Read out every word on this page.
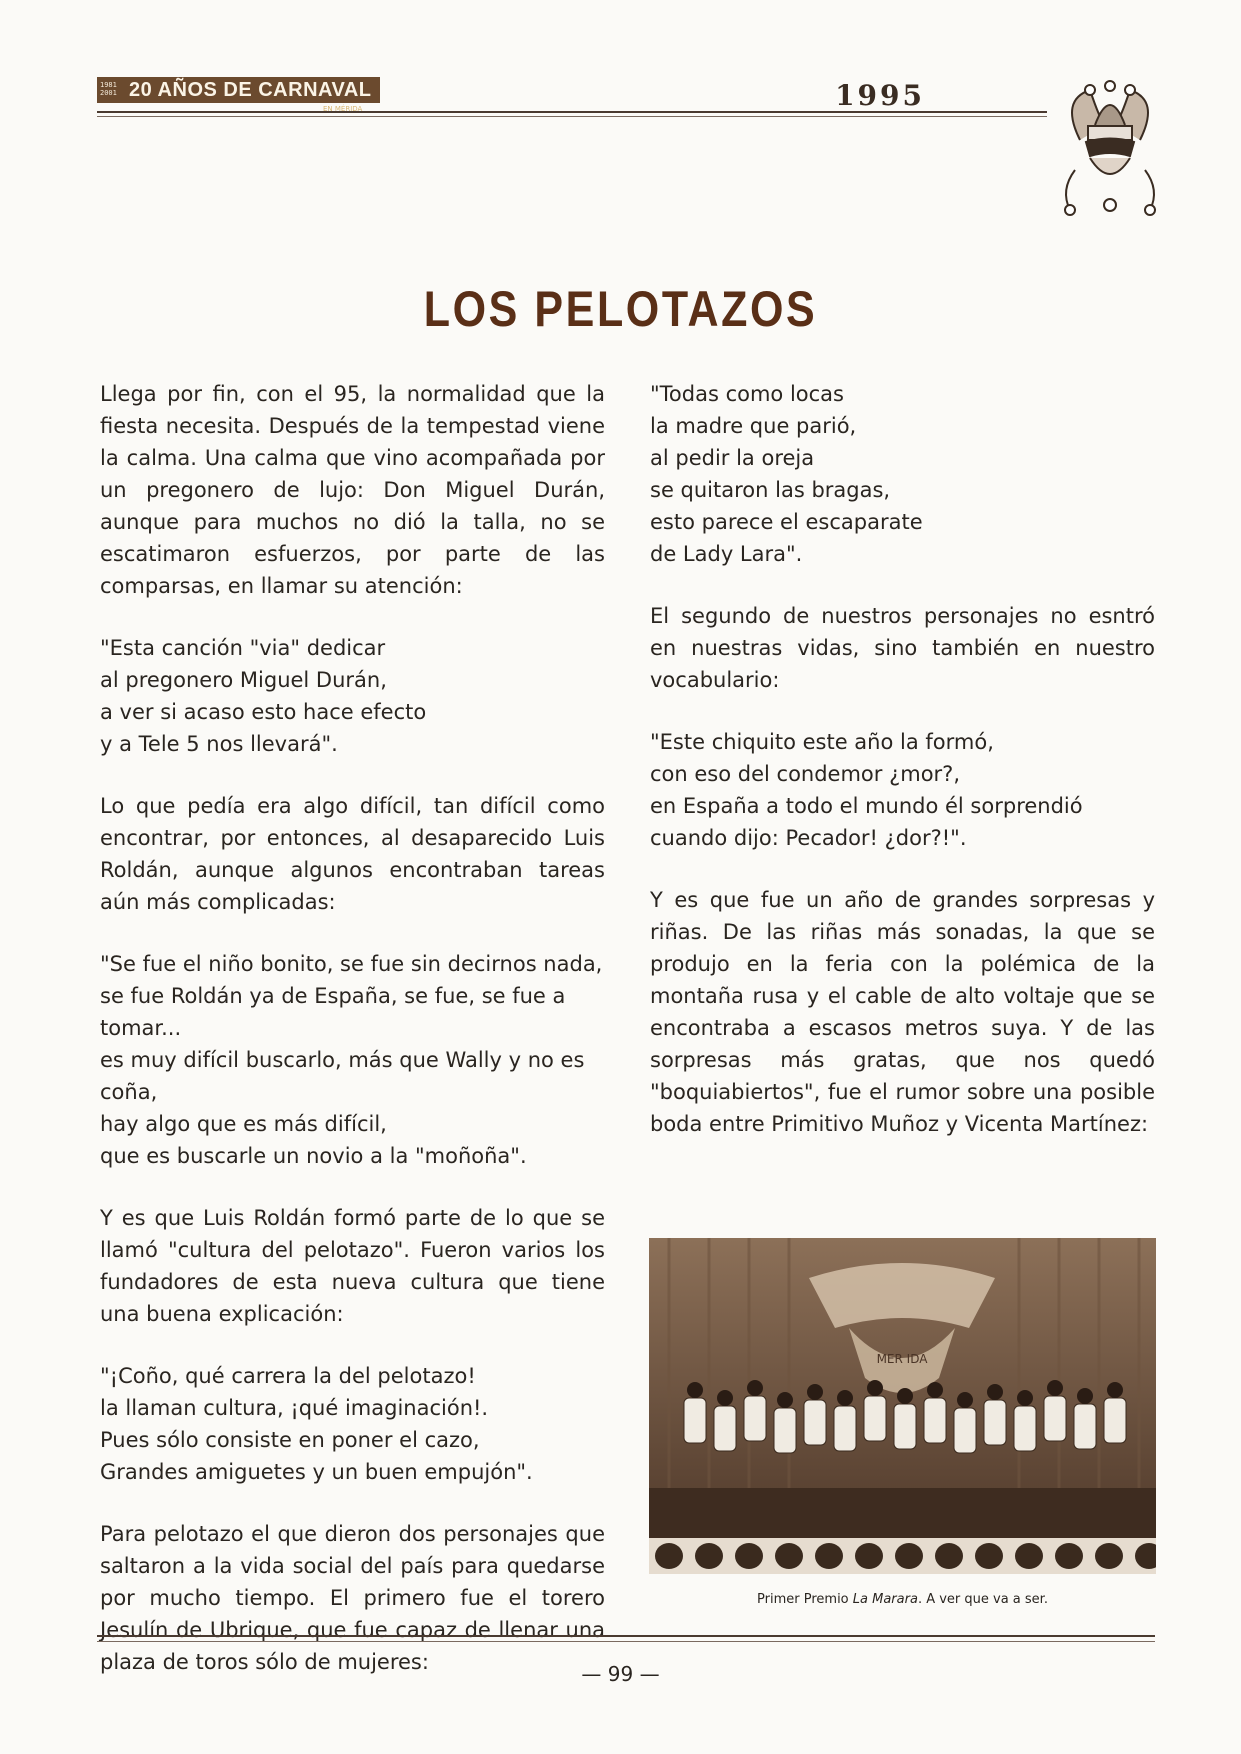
1981
2001 20 AÑOS DE CARNAVAL
EN MÉRIDA	1995
LOS PELOTAZOS

Llega por fin, con el 95, la normalidad que la fiesta necesita. Después de la tempestad viene la calma. Una calma que vino acompañada por un pregonero de lujo: Don Miguel Durán, aunque para muchos no dió la talla, no se escatimaron esfuerzos, por parte de las comparsas, en llamar su atención:

"Esta canción "via" dedicar
al pregonero Miguel Durán,
a ver si acaso esto hace efecto
y a Tele 5 nos llevará".

Lo que pedía era algo difícil, tan difícil como encontrar, por entonces, al desaparecido Luis Roldán, aunque algunos encontraban tareas aún más complicadas:

"Se fue el niño bonito, se fue sin decirnos nada,
se fue Roldán ya de España, se fue, se fue a tomar...
es muy difícil buscarlo, más que Wally y no es coña,
hay algo que es más difícil,
que es buscarle un novio a la "moñoña".

Y es que Luis Roldán formó parte de lo que se llamó "cultura del pelotazo". Fueron varios los fundadores de esta nueva cultura que tiene una buena explicación:

"¡Coño, qué carrera la del pelotazo!
la llaman cultura, ¡qué imaginación!.
Pues sólo consiste en poner el cazo,
Grandes amiguetes y un buen empujón".

Para pelotazo el que dieron dos personajes que saltaron a la vida social del país para quedarse por mucho tiempo. El primero fue el torero Jesulín de Ubrique, que fue capaz de llenar una plaza de toros sólo de mujeres:

"Todas como locas
la madre que parió,
al pedir la oreja
se quitaron las bragas,
esto parece el escaparate
de Lady Lara".

El segundo de nuestros personajes no esntró en nuestras vidas, sino también en nuestro vocabulario:

"Este chiquito este año la formó,
con eso del condemor ¿mor?,
en España a todo el mundo él sorprendió
cuando dijo: Pecador! ¿dor?!".

Y es que fue un año de grandes sorpresas y riñas. De las riñas más sonadas, la que se produjo en la feria con la polémica de la montaña rusa y el cable de alto voltaje que se encontraba a escasos metros suya. Y de las sorpresas más gratas, que nos quedó "boquiabiertos", fue el rumor sobre una posible boda entre Primitivo Muñoz y Vicenta Martínez:

MER IDA
Primer Premio La Marara. A ver que va a ser.
— 99 —
